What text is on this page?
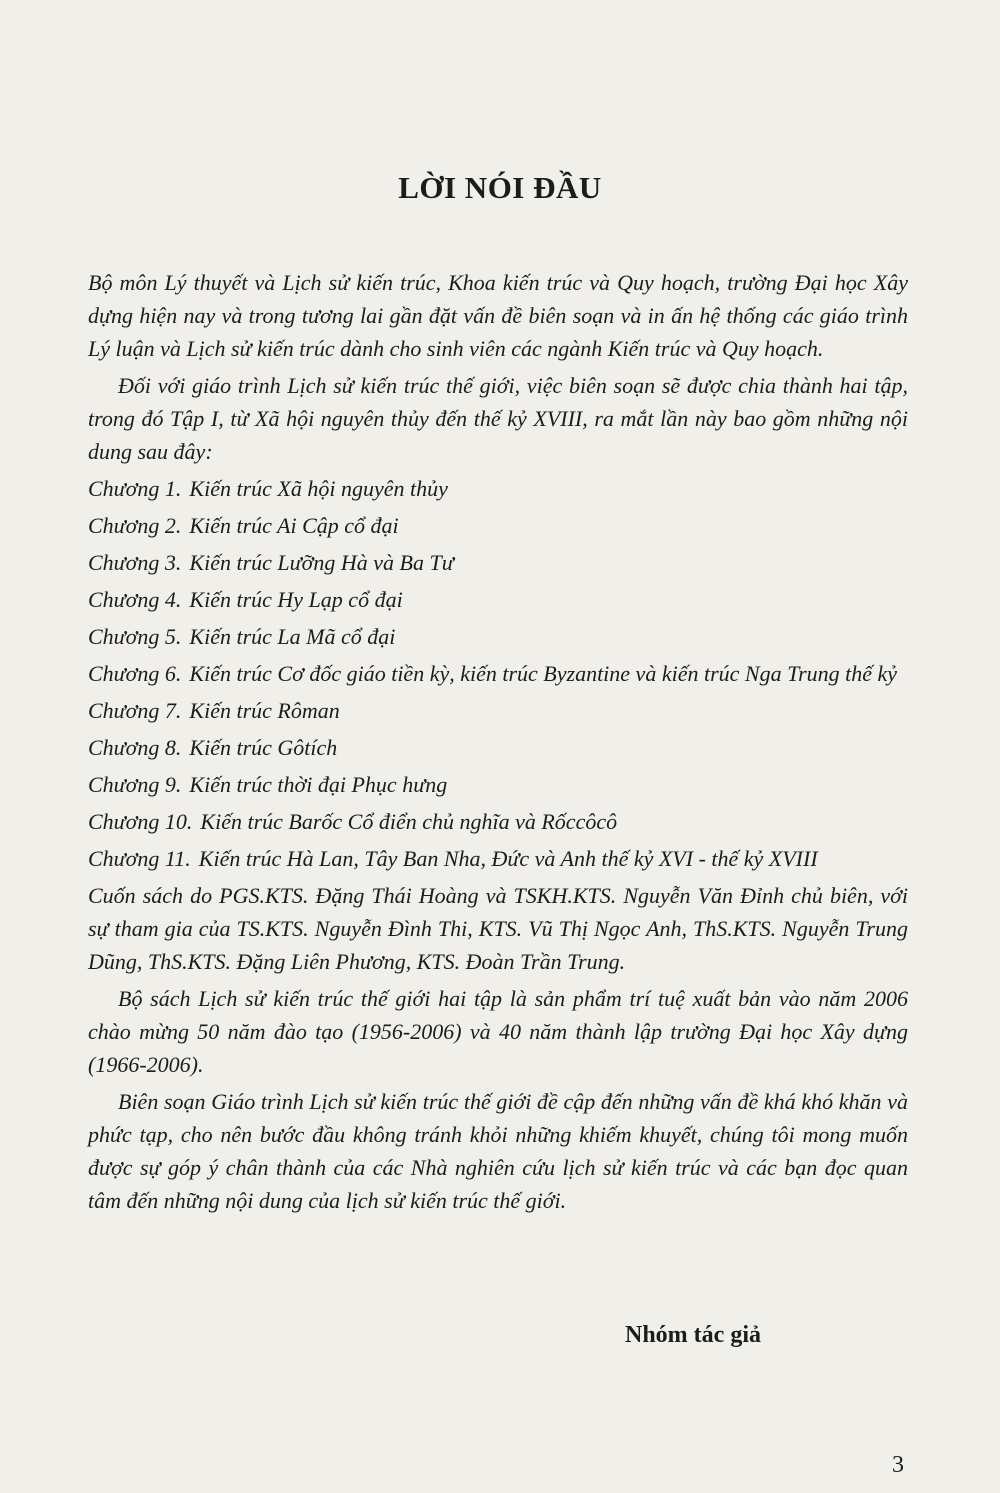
LỜI NÓI ĐẦU

Bộ môn Lý thuyết và Lịch sử kiến trúc, Khoa kiến trúc và Quy hoạch, trường Đại học Xây dựng hiện nay và trong tương lai gần đặt vấn đề biên soạn và in ấn hệ thống các giáo trình Lý luận và Lịch sử kiến trúc dành cho sinh viên các ngành Kiến trúc và Quy hoạch.

Đối với giáo trình Lịch sử kiến trúc thế giới, việc biên soạn sẽ được chia thành hai tập, trong đó Tập I, từ Xã hội nguyên thủy đến thế kỷ XVIII, ra mắt lần này bao gồm những nội dung sau đây:

Chương 1. Kiến trúc Xã hội nguyên thủy
Chương 2. Kiến trúc Ai Cập cổ đại
Chương 3. Kiến trúc Lưỡng Hà và Ba Tư
Chương 4. Kiến trúc Hy Lạp cổ đại
Chương 5. Kiến trúc La Mã cổ đại
Chương 6. Kiến trúc Cơ đốc giáo tiền kỳ, kiến trúc Byzantine và kiến trúc Nga Trung thế kỷ
Chương 7. Kiến trúc Rôman
Chương 8. Kiến trúc Gôtích
Chương 9. Kiến trúc thời đại Phục hưng
Chương 10. Kiến trúc Barốc Cổ điển chủ nghĩa và Rốccôcô
Chương 11. Kiến trúc Hà Lan, Tây Ban Nha, Đức và Anh thế kỷ XVI - thế kỷ XVIII

Cuốn sách do PGS.KTS. Đặng Thái Hoàng và TSKH.KTS. Nguyễn Văn Đỉnh chủ biên, với sự tham gia của TS.KTS. Nguyễn Đình Thi, KTS. Vũ Thị Ngọc Anh, ThS.KTS. Nguyễn Trung Dũng, ThS.KTS. Đặng Liên Phương, KTS. Đoàn Trần Trung.

Bộ sách Lịch sử kiến trúc thế giới hai tập là sản phẩm trí tuệ xuất bản vào năm 2006 chào mừng 50 năm đào tạo (1956-2006) và 40 năm thành lập trường Đại học Xây dựng (1966-2006).

Biên soạn Giáo trình Lịch sử kiến trúc thế giới đề cập đến những vấn đề khá khó khăn và phức tạp, cho nên bước đầu không tránh khỏi những khiếm khuyết, chúng tôi mong muốn được sự góp ý chân thành của các Nhà nghiên cứu lịch sử kiến trúc và các bạn đọc quan tâm đến những nội dung của lịch sử kiến trúc thế giới.

Nhóm tác giả
3
